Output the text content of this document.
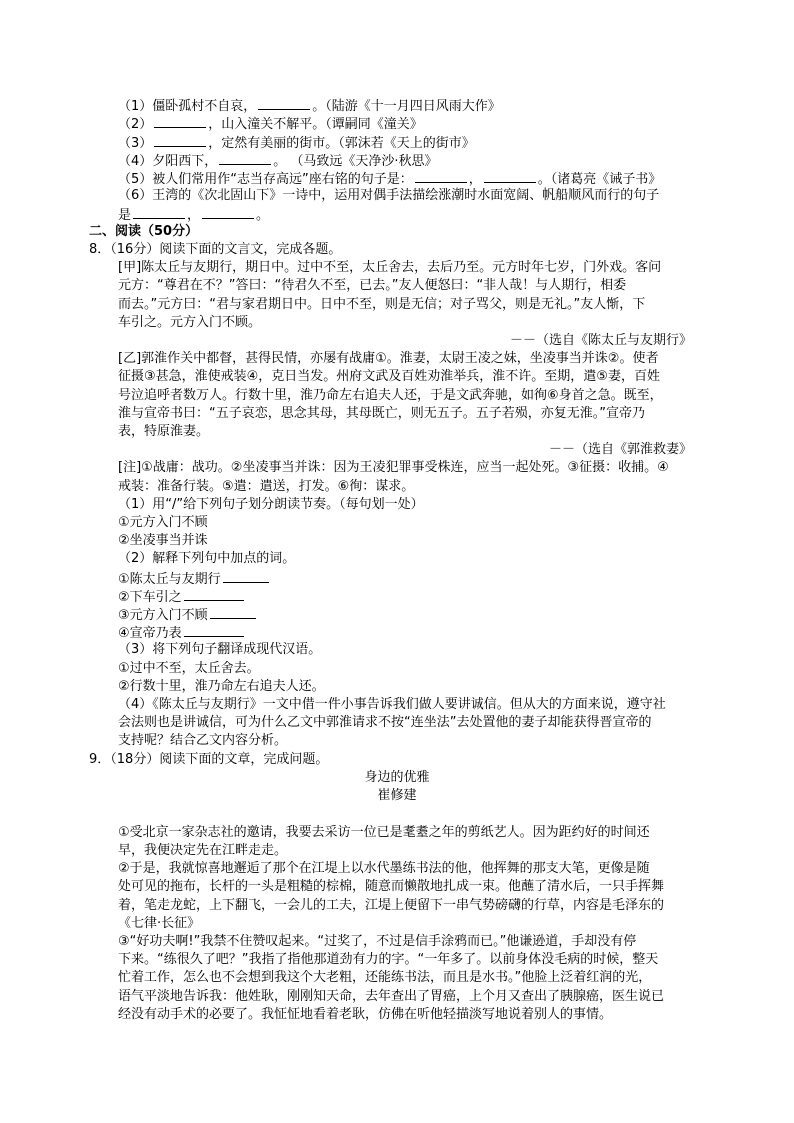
（1）僵卧孤村不自哀，	。（陆游《十一月四日风雨大作》
（2）	，山入潼关不解平。（谭嗣同《潼关》
（3）	，定然有美丽的街市。（郭沫若《天上的街市》
（4）夕阳西下，	。 （马致远《天净沙·秋思》
（5）被人们常用作“志当存高远”座右铭的句子是：	，	。（诸葛亮《诫子书》
（6）王湾的《次北固山下》一诗中，运用对偶手法描绘涨潮时水面宽阔、帆船顺风而行的句子
是	，	。
二、阅读（50分）
8．（16分）阅读下面的文言文，完成各题。
[甲]陈太丘与友期行，期日中。过中不至，太丘舍去，去后乃至。元方时年七岁，门外戏。客问
元方：“尊君在不？”答曰：“待君久不至，已去。”友人便怒曰：“非人哉！与人期行，相委
而去。”元方曰：“君与家君期日中。日中不至，则是无信；对子骂父，则是无礼。”友人惭，下
车引之。元方入门不顾。
－－（选自《陈太丘与友期行》
[乙]郭淮作关中都督，甚得民情，亦屡有战庸①。淮妻，太尉王凌之妹，坐凌事当并诛②。使者
征摄③甚急，淮使戒装④，克日当发。州府文武及百姓劝淮举兵，淮不许。至期，遣⑤妻，百姓
号泣追呼者数万人。行数十里，淮乃命左右追夫人还，于是文武奔驰，如徇⑥身首之急。既至，
淮与宣帝书曰：“五子哀恋，思念其母，其母既亡，则无五子。五子若殒，亦复无淮。”宣帝乃
表，特原淮妻。
－－（选自《郭淮救妻》
[注]①战庸：战功。②坐凌事当并诛：因为王凌犯罪事受株连，应当一起处死。③征摄：收捕。④
戒装：准备行装。⑤遣：遣送，打发。⑥徇：谋求。
（1）用“/”给下列句子划分朗读节奏。（每句划一处）
①元方入门不顾
②坐凌事当并诛
（2）解释下列句中加点的词。
①陈太丘与友期行
②下车引之
③元方入门不顾
④宣帝乃表
（3）将下列句子翻译成现代汉语。
①过中不至，太丘舍去。
②行数十里，淮乃命左右追夫人还。
（4）《陈太丘与友期行》一文中借一件小事告诉我们做人要讲诚信。但从大的方面来说，遵守社
会法则也是讲诚信，可为什么乙文中郭淮请求不按“连坐法”去处置他的妻子却能获得晋宣帝的
支持呢？结合乙文内容分析。
9．（18分）阅读下面的文章，完成问题。
身边的优雅
崔修建
①受北京一家杂志社的邀请，我要去采访一位已是耄耋之年的剪纸艺人。因为距约好的时间还
早，我便决定先在江畔走走。
②于是，我就惊喜地邂逅了那个在江堤上以水代墨练书法的他，他挥舞的那支大笔，更像是随
处可见的拖布，长杆的一头是粗糙的棕棉，随意而懒散地扎成一束。他蘸了清水后，一只手挥舞
着，笔走龙蛇，上下翻飞，一会儿的工夫，江堤上便留下一串气势磅礴的行草，内容是毛泽东的
《七律·长征》
③“好功夫啊!”我禁不住赞叹起来。“过奖了，不过是信手涂鸦而已。”他谦逊道，手却没有停
下来。“练很久了吧？”我指了指他那道劲有力的字。“一年多了。以前身体没毛病的时候，整天
忙着工作，怎么也不会想到我这个大老粗，还能练书法，而且是水书。”他脸上泛着红润的光，
语气平淡地告诉我：他姓耿，刚刚知天命，去年查出了胃癌，上个月又查出了胰腺癌，医生说已
经没有动手术的必要了。我怔怔地看着老耿，仿佛在听他轻描淡写地说着别人的事情。
